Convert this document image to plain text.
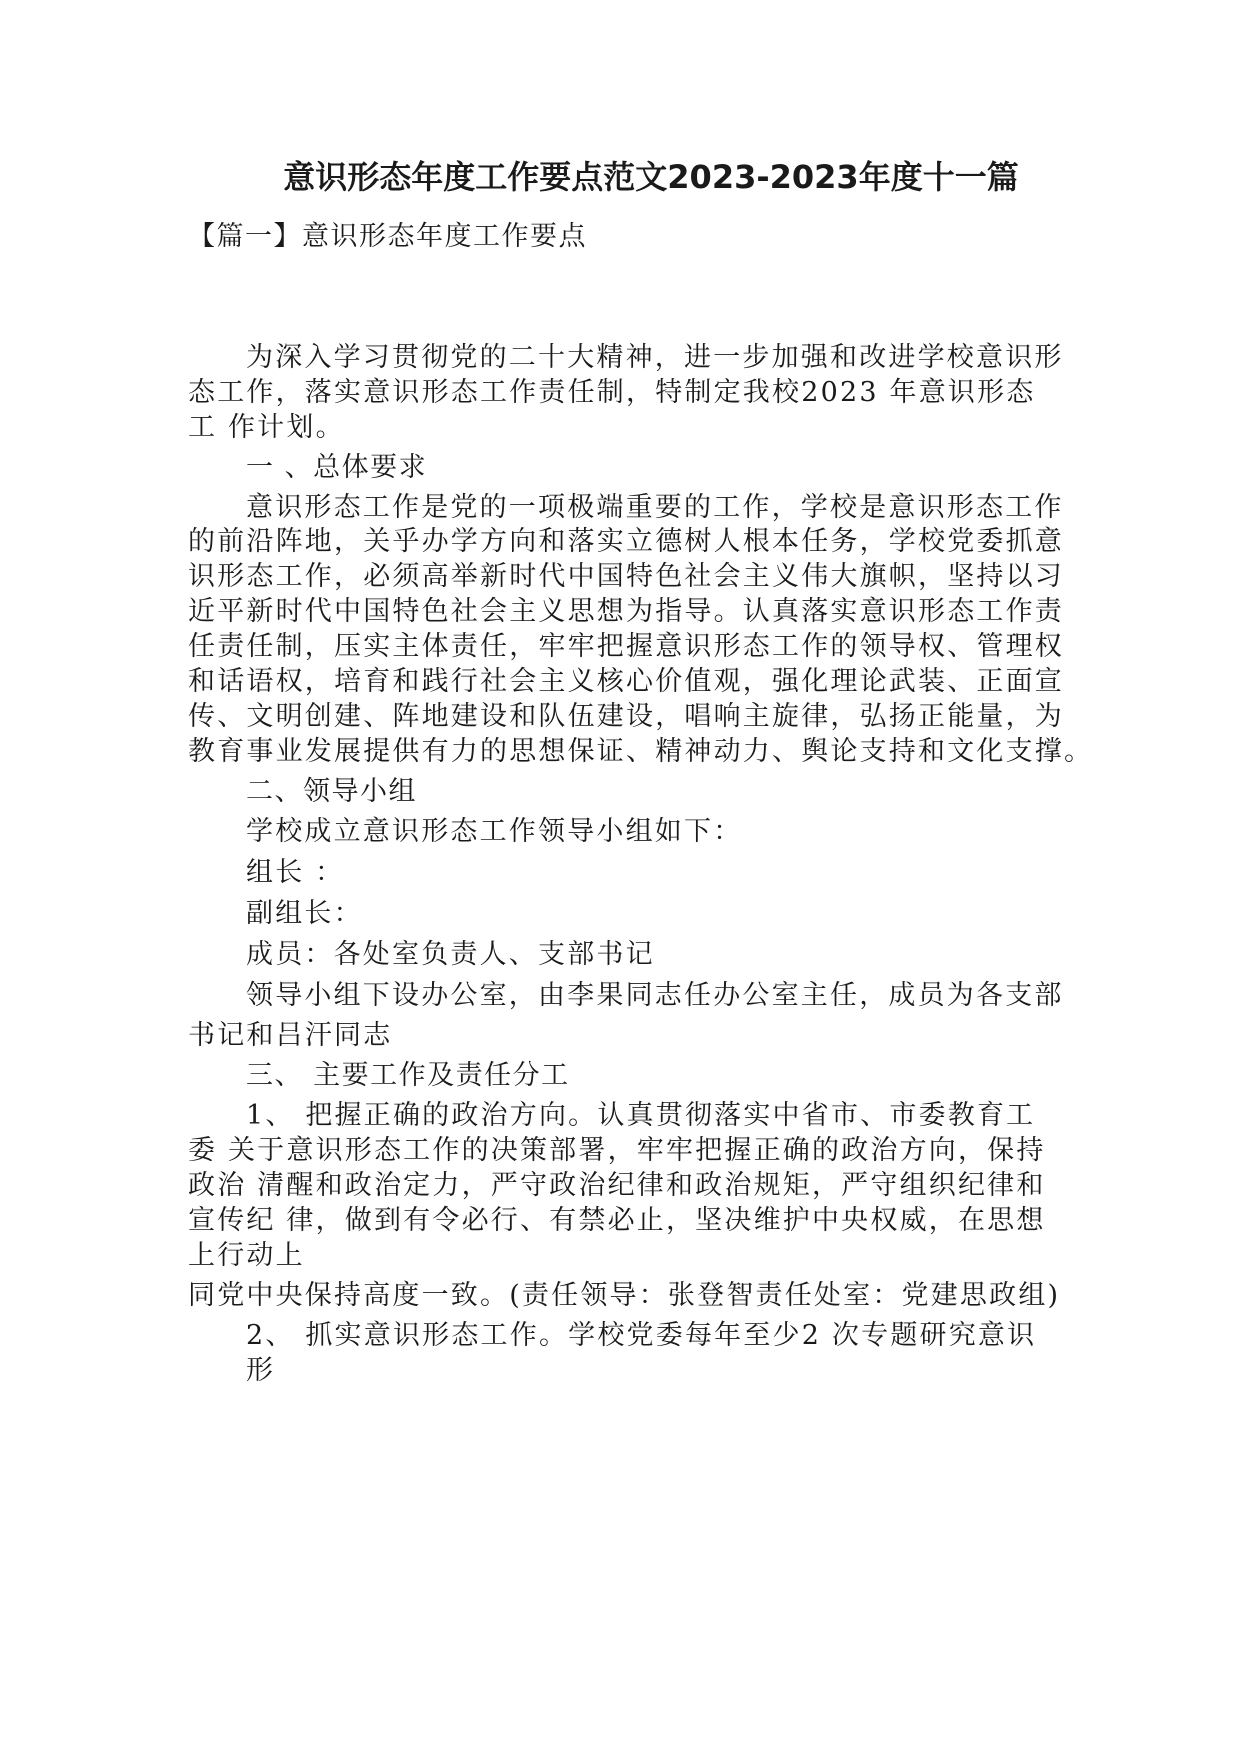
意识形态年度工作要点范文2023-2023年度十一篇
【篇一】意识形态年度工作要点
为深入学习贯彻党的二十大精神，进一步加强和改进学校意识形
态工作，落实意识形态工作责任制，特制定我校2023 年意识形态
工 作计划。
一 、总体要求
意识形态工作是党的一项极端重要的工作，学校是意识形态工作
的前沿阵地，关乎办学方向和落实立德树人根本任务，学校党委抓意
识形态工作，必须高举新时代中国特色社会主义伟大旗帜，坚持以习
近平新时代中国特色社会主义思想为指导。认真落实意识形态工作责
任责任制，压实主体责任，牢牢把握意识形态工作的领导权、管理权
和话语权，培育和践行社会主义核心价值观，强化理论武装、正面宣
传、文明创建、阵地建设和队伍建设，唱响主旋律，弘扬正能量，为
教育事业发展提供有力的思想保证、精神动力、舆论支持和文化支撑。
二、领导小组
学校成立意识形态工作领导小组如下：
组长 ：
副组长：
成员：各处室负责人、支部书记
领导小组下设办公室，由李果同志任办公室主任，成员为各支部
书记和吕汗同志
三、 主要工作及责任分工
1、 把握正确的政治方向。认真贯彻落实中省市、市委教育工
委 关于意识形态工作的决策部署，牢牢把握正确的政治方向，保持
政治 清醒和政治定力，严守政治纪律和政治规矩，严守组织纪律和
宣传纪 律，做到有令必行、有禁必止，坚决维护中央权威，在思想
上行动上
同党中央保持高度一致。(责任领导：张登智责任处室：党建思政组)
2、 抓实意识形态工作。学校党委每年至少2 次专题研究意识
形
